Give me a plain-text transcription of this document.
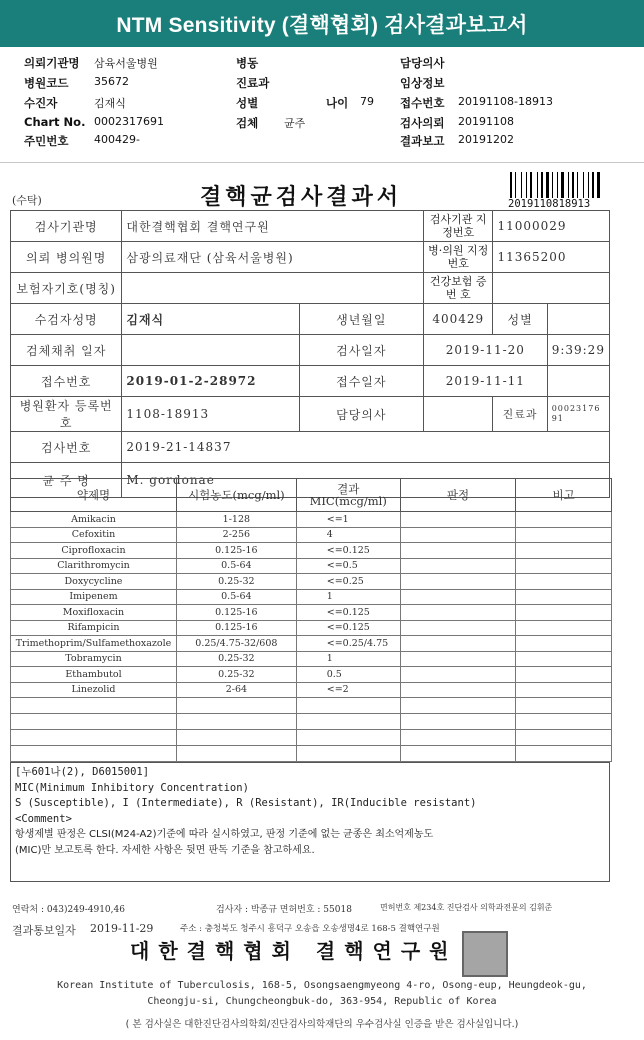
NTM Sensitivity (결핵협회) 검사결과보고서
의뢰기관명 삼육서울병원	병동	담당의사
병원코드 35672	진료과	임상정보
수진자	김재식	성별	나이 79 접수번호 20191108-18913
Chart No. 0002317691	검체 균주	검사의뢰 20191108
주민번호 400429-	결과보고 20191202
(수탁)	결핵균검사결과서	2019110818913
검사기관명	대한결핵협회 결핵연구원		검사기관 지정번호	11000029	
의뢰 병의원명	삼광의료재단 (삼육서울병원)		병·의원 지정번호	11365200	
보험자기호(명칭)			건강보험 증 번 호		
수검자성명	김재식	생년월일	400429	성별	
검체채취 일자		검사일자	2019-11-20		9:39:29
접수번호	2019-01-2-28972	접수일자	2019-11-11		
병원환자 등록번호	1108-18913	담당의사		진료과	00023176
91
검사번호	2019-21-14837				
균 주 명	M. gordonae				
약제명	시험농도(mcg/ml)	결과
MIC(mcg/ml)	판정	비고
Amikacin	1-128	<=1		
Cefoxitin	2-256	4		
Ciprofloxacin	0.125-16	<=0.125		
Clarithromycin	0.5-64	<=0.5		
Doxycycline	0.25-32	<=0.25		
Imipenem	0.5-64	1		
Moxifloxacin	0.125-16	<=0.125		
Rifampicin	0.125-16	<=0.125		
Trimethoprim/Sulfamethoxazole	0.25/4.75-32/608	<=0.25/4.75		
Tobramycin	0.25-32	1		
Ethambutol	0.25-32	0.5		
Linezolid	2-64	<=2		

[누601나(2), D6015001]
MIC(Minimum Inhibitory Concentration)
S (Susceptible), I (Intermediate), R (Resistant), IR(Inducible resistant)
<Comment>
항생제별 판정은 CLSI(M24-A2)기준에 따라 실시하였고, 판정 기준에 없는 균종은 최소억제농도
(MIC)만 보고토록 한다. 자세한 사항은 뒷면 판독 기준을 참고하세요.
연락처 : 043)249-4910,46	검사자 : 박종규 면허번호 : 55018	면허번호 제234호 진단검사 의학과전문의 김휘준
결과통보일자 2019-11-29	주소 : 충청북도 청주시 흥덕구 오송읍 오송생명4로 168-5 결핵연구원
대한결핵협회 결핵연구원
Korean Institute of Tuberculosis, 168-5, Osongsaengmyeong 4-ro, Osong-eup, Heungdeok-gu,
Cheongju-si, Chungcheongbuk-do, 363-954, Republic of Korea
( 본 검사실은 대한진단검사의학회/진단검사의학재단의 우수검사실 인증을 받은 검사실입니다.)
